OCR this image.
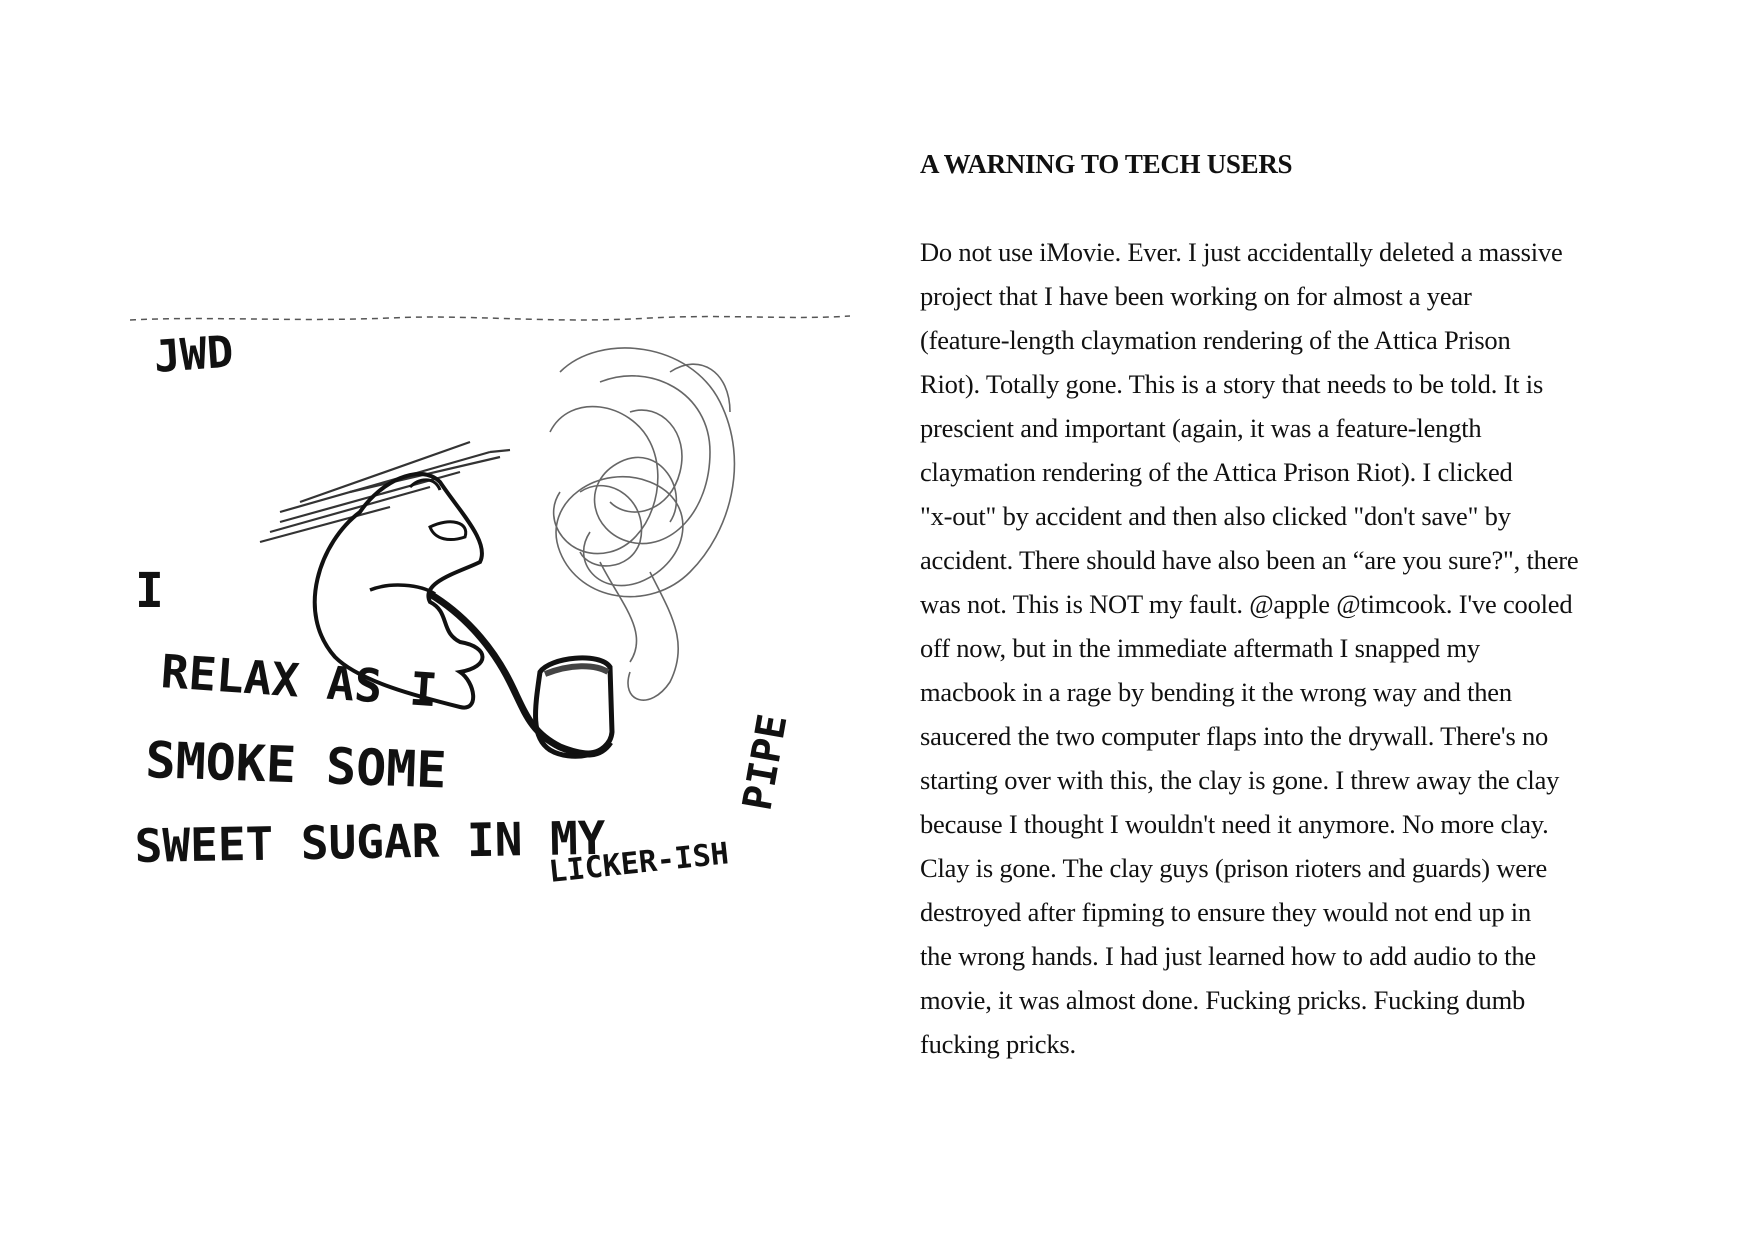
JWD
I
RELAX AS I
SMOKE SOME
SWEET SUGAR IN MY
LICKER-ISH
PIPE
A WARNING TO TECH USERS

Do not use iMovie. Ever. I just accidentally deleted a massive
project that I have been working on for almost a year
(feature-length claymation rendering of the Attica Prison
Riot). Totally gone. This is a story that needs to be told. It is
prescient and important (again, it was a feature-length
claymation rendering of the Attica Prison Riot). I clicked
"x-out" by accident and then also clicked "don't save" by
accident. There should have also been an “are you sure?", there
was not. This is NOT my fault. @apple @timcook. I've cooled
off now, but in the immediate aftermath I snapped my
macbook in a rage by bending it the wrong way and then
saucered the two computer flaps into the drywall. There's no
starting over with this, the clay is gone. I threw away the clay
because I thought I wouldn't need it anymore. No more clay.
Clay is gone. The clay guys (prison rioters and guards) were
destroyed after fipming to ensure they would not end up in
the wrong hands. I had just learned how to add audio to the
movie, it was almost done. Fucking pricks. Fucking dumb
fucking pricks.
